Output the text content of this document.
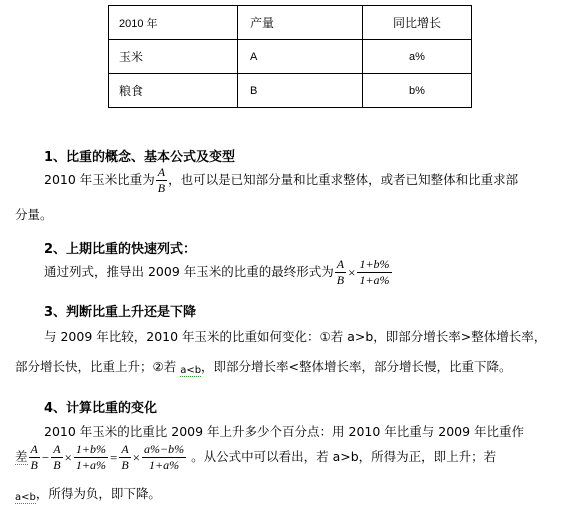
2010 年	产量	同比增长
玉米	A	a%
粮食	B	b%
1、比重的概念、基本公式及变型
2010 年玉米比重为 $\frac{A}{B}$ ，也可以是已知部分量和比重求整体，或者已知整体和比重求部
分量。
2、上期比重的快速列式：
通过列式，推导出 2009 年玉米的比重的最终形式为 $\frac{A}{B} \times \frac{1+b\%}{1+a\%}$
3、判断比重上升还是下降
与 2009 年比较，2010 年玉米的比重如何变化：①若 a>b，即部分增长率>整体增长率，
部分增长快，比重上升；②若 $_{a<b}$，即部分增长率<整体增长率，部分增长慢，比重下降。
4、计算比重的变化
2010 年玉米的比重比 2009 年上升多少个百分点：用 2010 年比重与 2009 年比重作
差 $\frac{A}{B} - \frac{A}{B} \times \frac{1+b\%}{1+a\%} = \frac{A}{B} \times \frac{a\%-b\%}{1+a\%}$ 。从公式中可以看出，若 a>b，所得为正，即上升；若
$_{a<b}$，所得为负，即下降。
